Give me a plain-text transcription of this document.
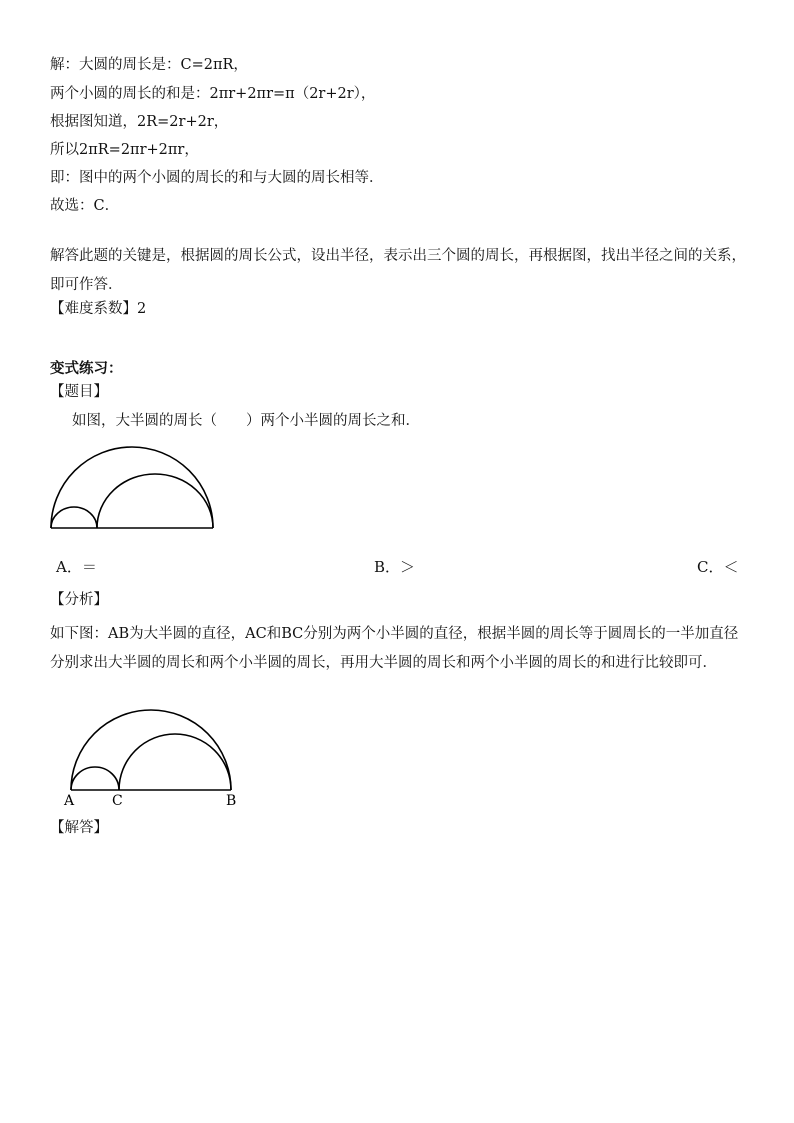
解：大圆的周长是：C=2πR，
两个小圆的周长的和是：2πr+2πr=π（2r+2r），
根据图知道，2R=2r+2r，
所以2πR=2πr+2πr，
即：图中的两个小圆的周长的和与大圆的周长相等．
故选：C．
解答此题的关键是，根据圆的周长公式，设出半径，表示出三个圆的周长，再根据图，找出半径之间的关系，即可作答．
【难度系数】2
变式练习：
【题目】
如图，大半圆的周长（　　）两个小半圆的周长之和．
A．＝	B．＞	C．＜
【分析】
如下图：AB为大半圆的直径，AC和BC分别为两个小半圆的直径，根据半圆的周长等于圆周长的一半加直径分别求出大半圆的周长和两个小半圆的周长，再用大半圆的周长和两个小半圆的周长的和进行比较即可．
A	C	B
【解答】
